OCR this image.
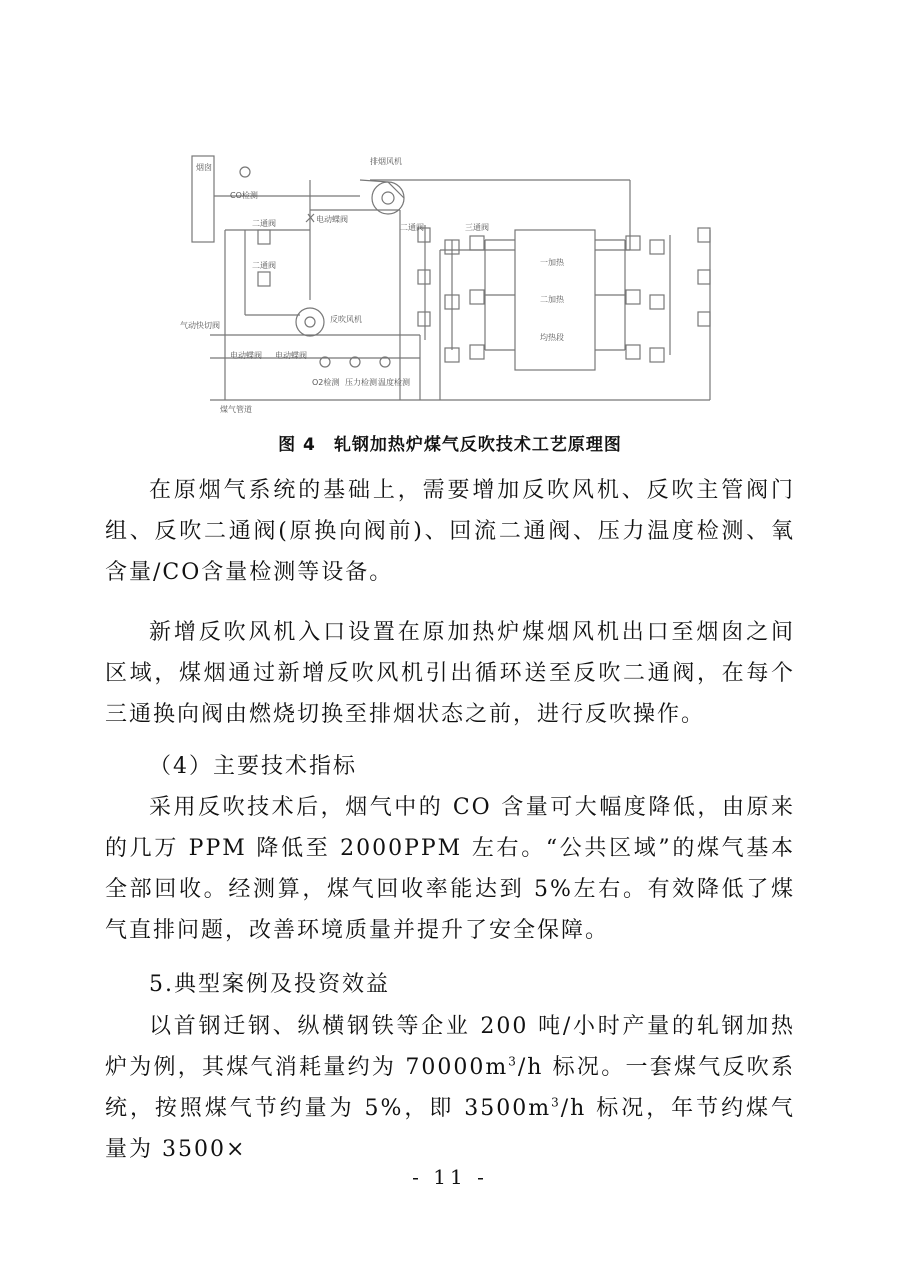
烟囱
CO检测
排烟风机
电动蝶阀
二通阀
二通阀
二通阀	三通阀
反吹风机
气动快切阀
电动蝶阀 电动蝶阀
O2检测 压力检测 温度检测
一加热
二加热
均热段
煤气管道
图 4　轧钢加热炉煤气反吹技术工艺原理图
在原烟气系统的基础上，需要增加反吹风机、反吹主管阀门组、反吹二通阀(原换向阀前)、回流二通阀、压力温度检测、氧含量/CO含量检测等设备。
新增反吹风机入口设置在原加热炉煤烟风机出口至烟囱之间区域，煤烟通过新增反吹风机引出循环送至反吹二通阀，在每个三通换向阀由燃烧切换至排烟状态之前，进行反吹操作。
（4）主要技术指标
采用反吹技术后，烟气中的 CO 含量可大幅度降低，由原来的几万 PPM 降低至 2000PPM 左右。“公共区域”的煤气基本全部回收。经测算，煤气回收率能达到 5%左右。有效降低了煤气直排问题，改善环境质量并提升了安全保障。
5.典型案例及投资效益
以首钢迁钢、纵横钢铁等企业 200 吨/小时产量的轧钢加热炉为例，其煤气消耗量约为 $70000m^3/h$ 标况。一套煤气反吹系统，按照煤气节约量为 5%，即 $3500m^3/h$ 标况，年节约煤气量为 3500×
- 11 -
